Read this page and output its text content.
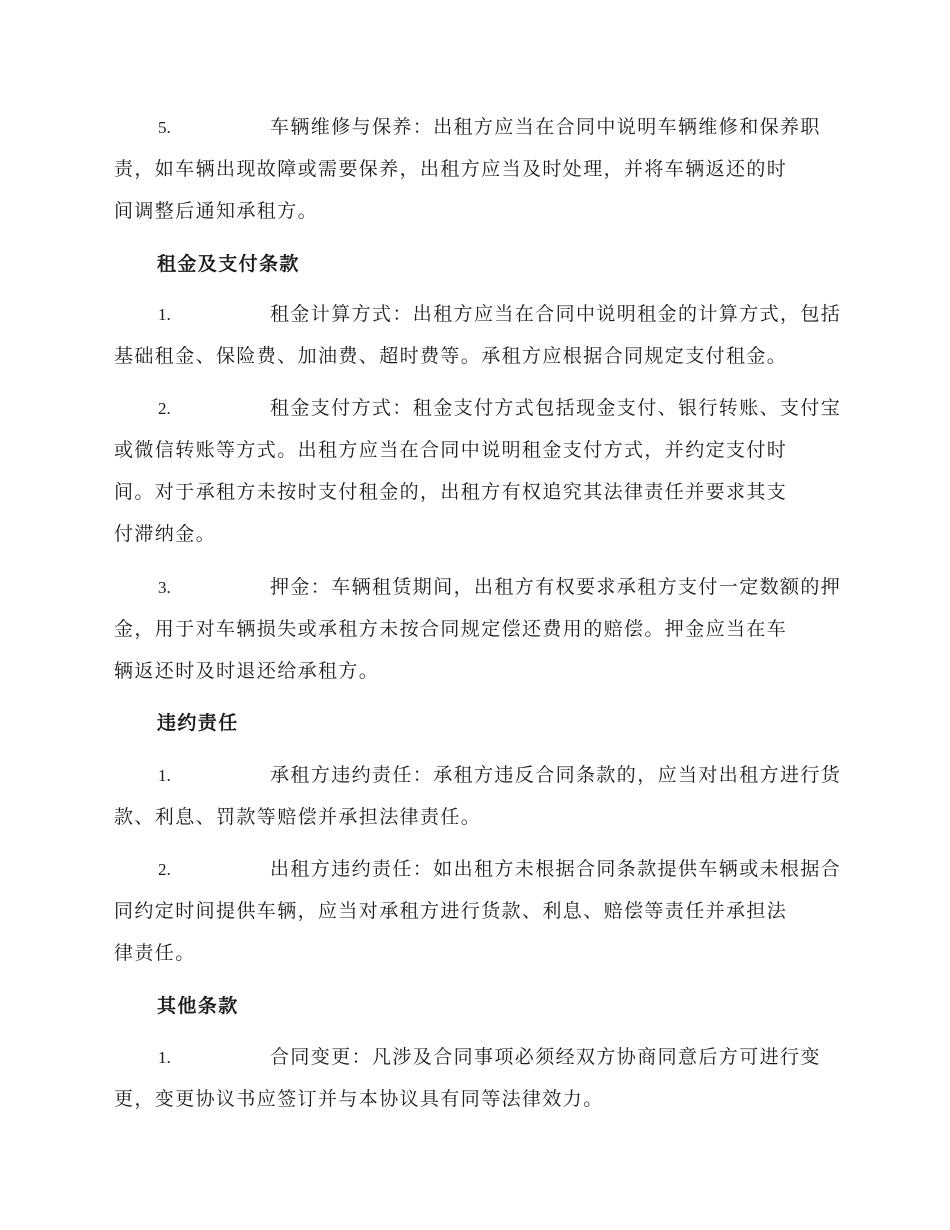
5.	车辆维修与保养：出租方应当在合同中说明车辆维修和保养职
责，如车辆出现故障或需要保养，出租方应当及时处理，并将车辆返还的时
间调整后通知承租方。
租金及支付条款
1.	租金计算方式：出租方应当在合同中说明租金的计算方式，包括
基础租金、保险费、加油费、超时费等。承租方应根据合同规定支付租金。
2.	租金支付方式：租金支付方式包括现金支付、银行转账、支付宝
或微信转账等方式。出租方应当在合同中说明租金支付方式，并约定支付时
间。对于承租方未按时支付租金的，出租方有权追究其法律责任并要求其支
付滞纳金。
3.	押金：车辆租赁期间，出租方有权要求承租方支付一定数额的押
金，用于对车辆损失或承租方未按合同规定偿还费用的赔偿。押金应当在车
辆返还时及时退还给承租方。
违约责任
1.	承租方违约责任：承租方违反合同条款的，应当对出租方进行货
款、利息、罚款等赔偿并承担法律责任。
2.	出租方违约责任：如出租方未根据合同条款提供车辆或未根据合
同约定时间提供车辆，应当对承租方进行货款、利息、赔偿等责任并承担法
律责任。
其他条款
1.	合同变更：凡涉及合同事项必须经双方协商同意后方可进行变
更，变更协议书应签订并与本协议具有同等法律效力。
